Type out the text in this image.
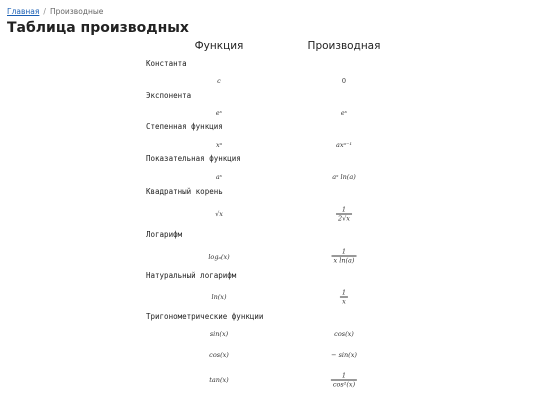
Главная / Производные
Таблица производных
Функция	Производная
Константа
c	0
Экспонента
eˣ	eˣ
Степенная функция
xᵃ	axᵃ⁻¹
Показательная функция
aˣ	aˣ ln(a)
Квадратный корень
√x	$\frac{1}{2√x}$
Логарифм
logₐ(x)	$\frac{1}{\text{x ln(a)}}$
Натуральный логарифм
ln(x)	$\frac{1}{x}$
Тригонометрические функции
sin(x)	cos(x)
cos(x)	− sin(x)
tan(x)	$\frac{1}{\text{cos²(x)}}$
